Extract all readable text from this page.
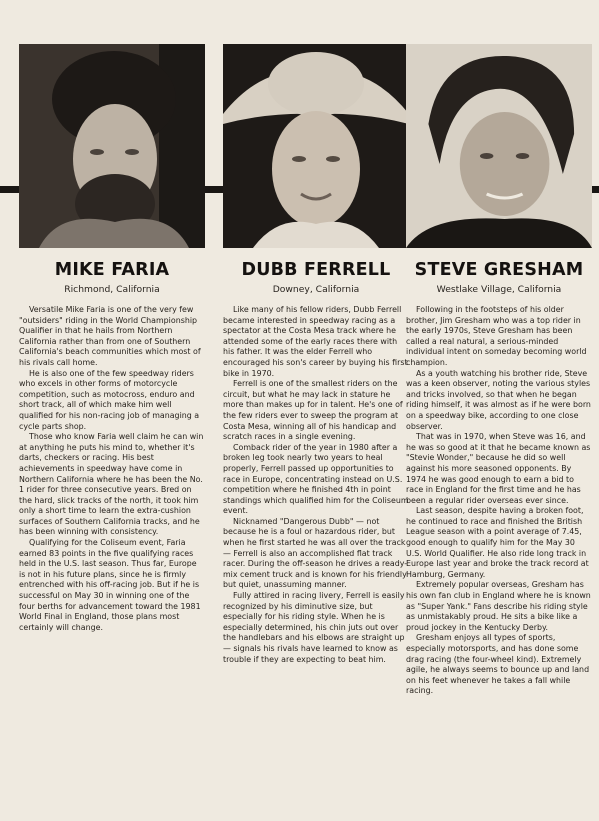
MIKE FARIA
Richmond, California

Versatile Mike Faria is one of the very few "outsiders" riding in the World Championship Qualifier in that he hails from Northern California rather than from one of Southern California's beach communities which most of his rivals call home.

He is also one of the few speedway riders who excels in other forms of motorcycle competition, such as motocross, enduro and short track, all of which make him well qualified for his non-racing job of managing a cycle parts shop.

Those who know Faria well claim he can win at anything he puts his mind to, whether it's darts, checkers or racing. His best achievements in speedway have come in Northern California where he has been the No. 1 rider for three consecutive years. Bred on the hard, slick tracks of the north, it took him only a short time to learn the extra-cushion surfaces of Southern California tracks, and he has been winning with consistency.

Qualifying for the Coliseum event, Faria earned 83 points in the five qualifying races held in the U.S. last season. Thus far, Europe is not in his future plans, since he is firmly entrenched with his off-racing job. But if he is successful on May 30 in winning one of the four berths for advancement toward the 1981 World Final in England, those plans most certainly will change.

DUBB FERRELL
Downey, California

Like many of his fellow riders, Dubb Ferrell became interested in speedway racing as a spectator at the Costa Mesa track where he attended some of the early races there with his father. It was the elder Ferrell who encouraged his son's career by buying his first bike in 1970.

Ferrell is one of the smallest riders on the circuit, but what he may lack in stature he more than makes up for in talent. He's one of the few riders ever to sweep the program at Costa Mesa, winning all of his handicap and scratch races in a single evening.

Comback rider of the year in 1980 after a broken leg took nearly two years to heal properly, Ferrell passed up opportunities to race in Europe, concentrating instead on U.S. competition where he finished 4th in point standings which qualified him for the Coliseum event.

Nicknamed "Dangerous Dubb" — not because he is a foul or hazardous rider, but when he first started he was all over the track — Ferrell is also an accomplished flat track racer. During the off-season he drives a ready-mix cement truck and is known for his friendly but quiet, unassuming manner.

Fully attired in racing livery, Ferrell is easily recognized by his diminutive size, but especially for his riding style. When he is especially determined, his chin juts out over the handlebars and his elbows are straight up — signals his rivals have learned to know as trouble if they are expecting to beat him.

STEVE GRESHAM
Westlake Village, California

Following in the footsteps of his older brother, Jim Gresham who was a top rider in the early 1970s, Steve Gresham has been called a real natural, a serious-minded individual intent on someday becoming world champion.

As a youth watching his brother ride, Steve was a keen observer, noting the various styles and tricks involved, so that when he began riding himself, it was almost as if he were born on a speedway bike, according to one close observer.

That was in 1970, when Steve was 16, and he was so good at it that he became known as "Stevie Wonder," because he did so well against his more seasoned opponents. By 1974 he was good enough to earn a bid to race in England for the first time and he has been a regular rider overseas ever since.

Last season, despite having a broken foot, he continued to race and finished the British League season with a point average of 7.45, good enough to qualify him for the May 30 U.S. World Qualifier. He also ride long track in Europe last year and broke the track record at Hamburg, Germany.

Extremely popular overseas, Gresham has his own fan club in England where he is known as "Super Yank." Fans describe his riding style as unmistakably proud. He sits a bike like a proud jockey in the Kentucky Derby.

Gresham enjoys all types of sports, especially motorsports, and has done some drag racing (the four-wheel kind). Extremely agile, he always seems to bounce up and land on his feet whenever he takes a fall while racing.
